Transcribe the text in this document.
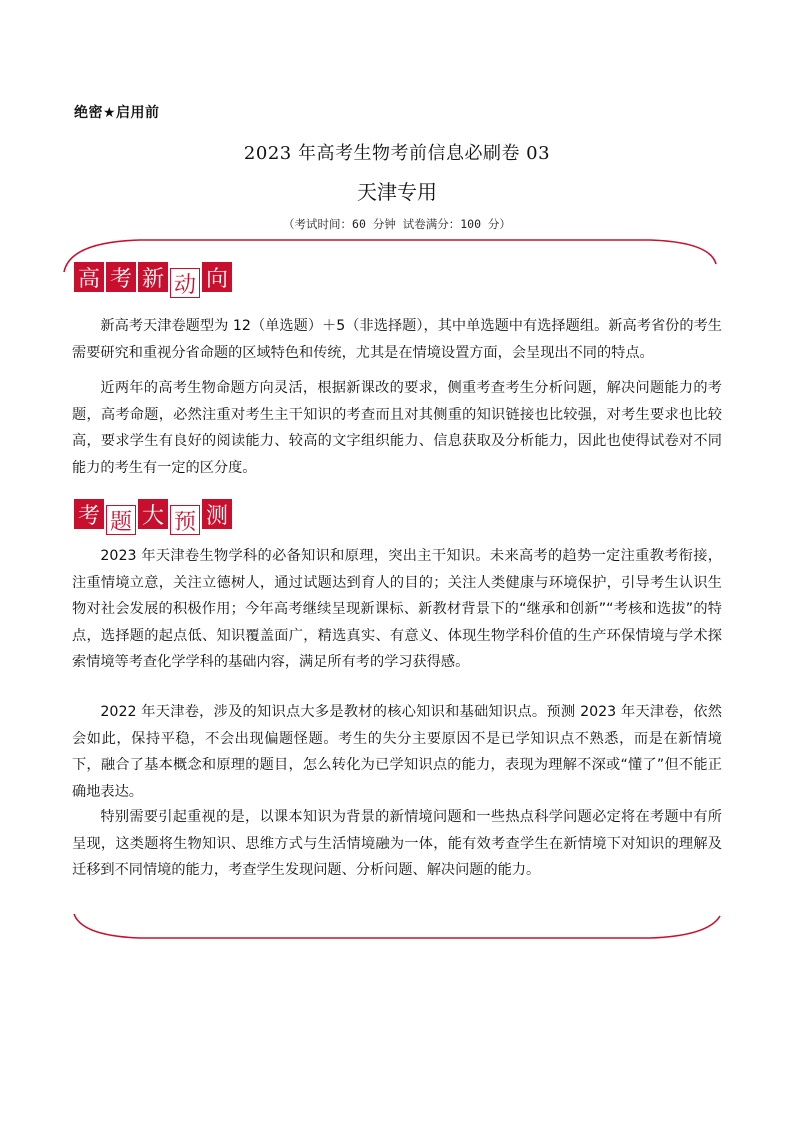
绝密★启用前
2023 年高考生物考前信息必刷卷 03
天津专用
（考试时间：60 分钟 试卷满分：100 分）
高 考 新 动 向

新高考天津卷题型为 12（单选题）＋5（非选择题），其中单选题中有选择题组。新高考省份的考生需要研究和重视分省命题的区域特色和传统，尤其是在情境设置方面，会呈现出不同的特点。

近两年的高考生物命题方向灵活，根据新课改的要求，侧重考查考生分析问题，解决问题能力的考题，高考命题，必然注重对考生主干知识的考查而且对其侧重的知识链接也比较强，对考生要求也比较高，要求学生有良好的阅读能力、较高的文字组织能力、信息获取及分析能力，因此也使得试卷对不同能力的考生有一定的区分度。

考 题 大 预 测

2023 年天津卷生物学科的必备知识和原理，突出主干知识。未来高考的趋势一定注重教考衔接，注重情境立意，关注立德树人，通过试题达到育人的目的；关注人类健康与环境保护，引导考生认识生物对社会发展的积极作用；今年高考继续呈现新课标、新教材背景下的“继承和创新”“考核和选拔”的特点，选择题的起点低、知识覆盖面广，精选真实、有意义、体现生物学科价值的生产环保情境与学术探索情境等考查化学学科的基础内容，满足所有考的学习获得感。

2022 年天津卷，涉及的知识点大多是教材的核心知识和基础知识点。预测 2023 年天津卷，依然会如此，保持平稳，不会出现偏题怪题。考生的失分主要原因不是已学知识点不熟悉，而是在新情境下，融合了基本概念和原理的题目，怎么转化为已学知识点的能力，表现为理解不深或“懂了”但不能正确地表达。

特别需要引起重视的是，以课本知识为背景的新情境问题和一些热点科学问题必定将在考题中有所呈现，这类题将生物知识、思维方式与生活情境融为一体，能有效考查学生在新情境下对知识的理解及迁移到不同情境的能力，考查学生发现问题、分析问题、解决问题的能力。
